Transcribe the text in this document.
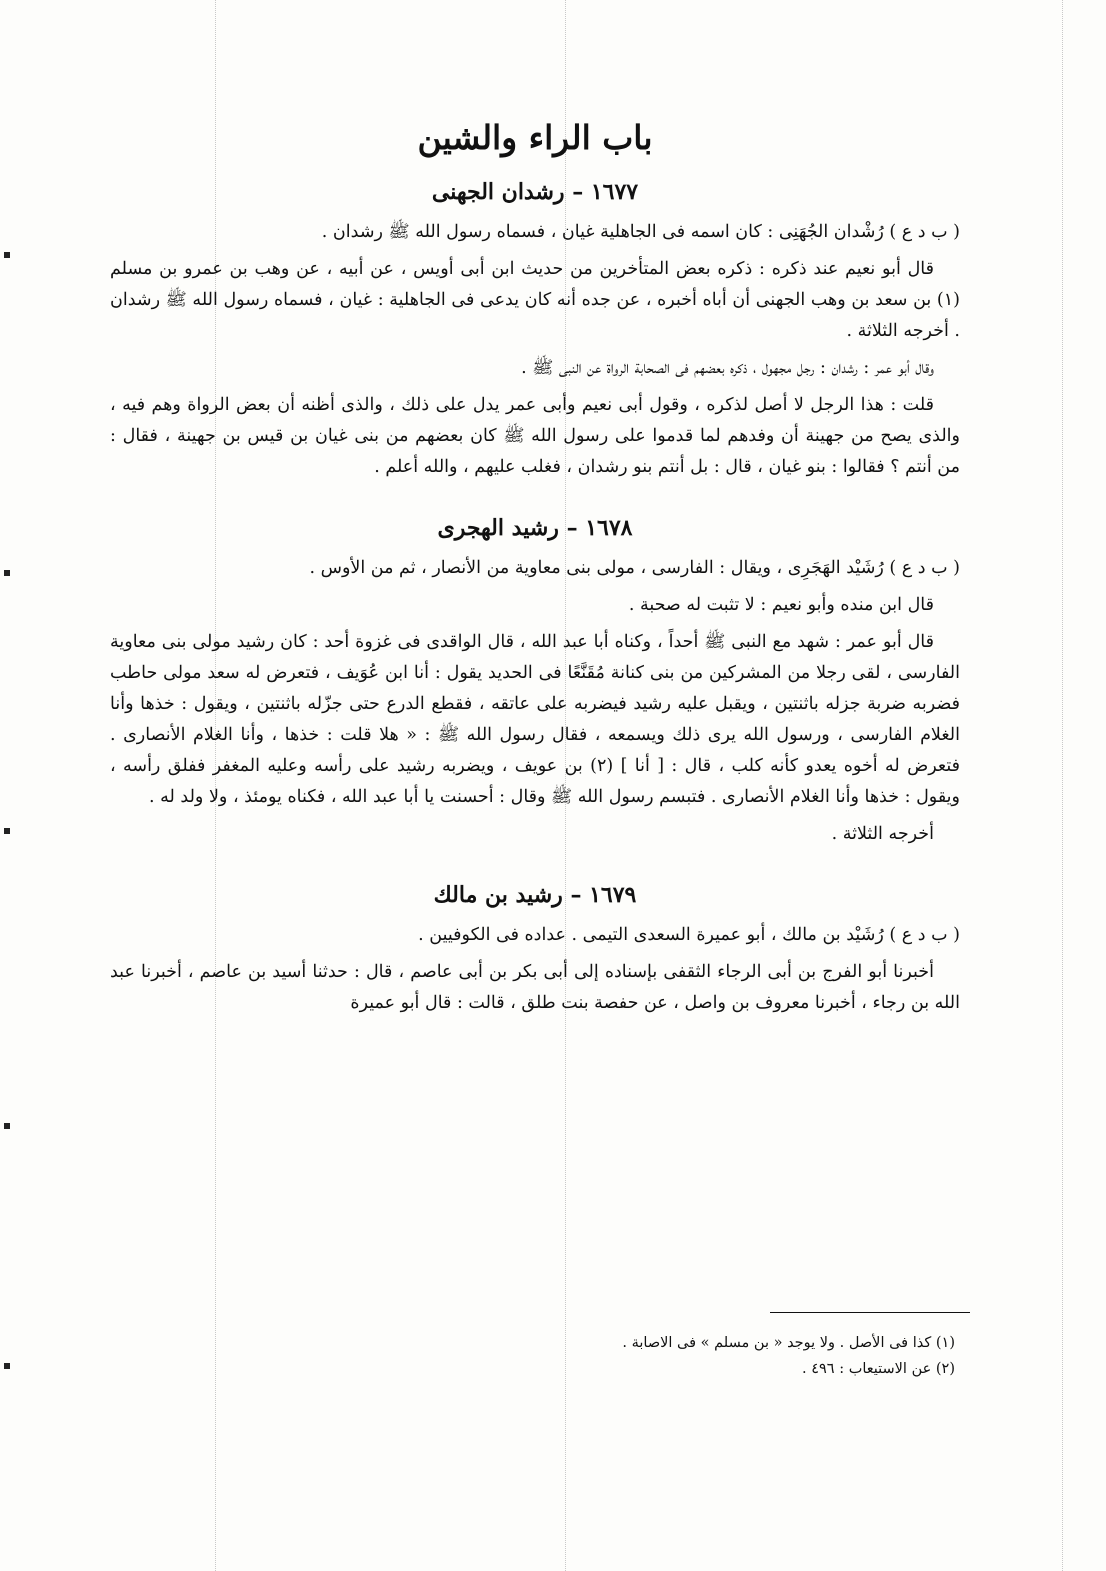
باب الراء والشين
١٦٧٧ – رشدان الجهنى

( ب د ع ) رُشْدان الجُهَنِى : كان اسمه فى الجاهلية غيان ، فسماه رسول الله ﷺ رشدان .

قال أبو نعيم عند ذكره : ذكره بعض المتأخرين من حديث ابن أبى أويس ، عن أبيه ، عن وهب بن عمرو بن مسلم (١) بن سعد بن وهب الجهنى أن أباه أخبره ، عن جده أنه كان يدعى فى الجاهلية : غيان ، فسماه رسول الله ﷺ رشدان . أخرجه الثلاثة .

وقال أبو عمر : رشدان : رجل مجهول ، ذكره بعضهم فى الصحابة الرواة عن النبى ﷺ .

قلت : هذا الرجل لا أصل لذكره ، وقول أبى نعيم وأبى عمر يدل على ذلك ، والذى أظنه أن بعض الرواة وهم فيه ، والذى يصح من جهينة أن وفدهم لما قدموا على رسول الله ﷺ كان بعضهم من بنى غيان بن قيس بن جهينة ، فقال : من أنتم ؟ فقالوا : بنو غيان ، قال : بل أنتم بنو رشدان ، فغلب عليهم ، والله أعلم .

١٦٧٨ – رشيد الهجرى

( ب د ع ) رُشَيْد الهَجَرِى ، ويقال : الفارسى ، مولى بنى معاوية من الأنصار ، ثم من الأوس .

قال ابن منده وأبو نعيم : لا تثبت له صحبة .

قال أبو عمر : شهد مع النبى ﷺ أحداً ، وكناه أبا عبد الله ، قال الواقدى فى غزوة أحد : كان رشيد مولى بنى معاوية الفارسى ، لقى رجلا من المشركين من بنى كنانة مُقَنَّعًا فى الحديد يقول : أنا ابن عُوَيف ، فتعرض له سعد مولى حاطب فضربه ضربة جزله باثنتين ، ويقبل عليه رشيد فيضربه على عاتقه ، فقطع الدرع حتى جزّله باثنتين ، ويقول : خذها وأنا الغلام الفارسى ، ورسول الله يرى ذلك ويسمعه ، فقال رسول الله ﷺ : « هلا قلت : خذها ، وأنا الغلام الأنصارى . فتعرض له أخوه يعدو كأنه كلب ، قال : [ أنا ] (٢) بن عويف ، ويضربه رشيد على رأسه وعليه المغفر ففلق رأسه ، ويقول : خذها وأنا الغلام الأنصارى . فتبسم رسول الله ﷺ وقال : أحسنت يا أبا عبد الله ، فكناه يومئذ ، ولا ولد له .

أخرجه الثلاثة .

١٦٧٩ – رشيد بن مالك

( ب د ع ) رُشَيْد بن مالك ، أبو عميرة السعدى التيمى . عداده فى الكوفيين .

أخبرنا أبو الفرج بن أبى الرجاء الثقفى بإسناده إلى أبى بكر بن أبى عاصم ، قال : حدثنا أسيد بن عاصم ، أخبرنا عبد الله بن رجاء ، أخبرنا معروف بن واصل ، عن حفصة بنت طلق ، قالت : قال أبو عميرة

(١) كذا فى الأصل . ولا يوجد « بن مسلم » فى الاصابة .

(٢) عن الاستيعاب : ٤٩٦ .
